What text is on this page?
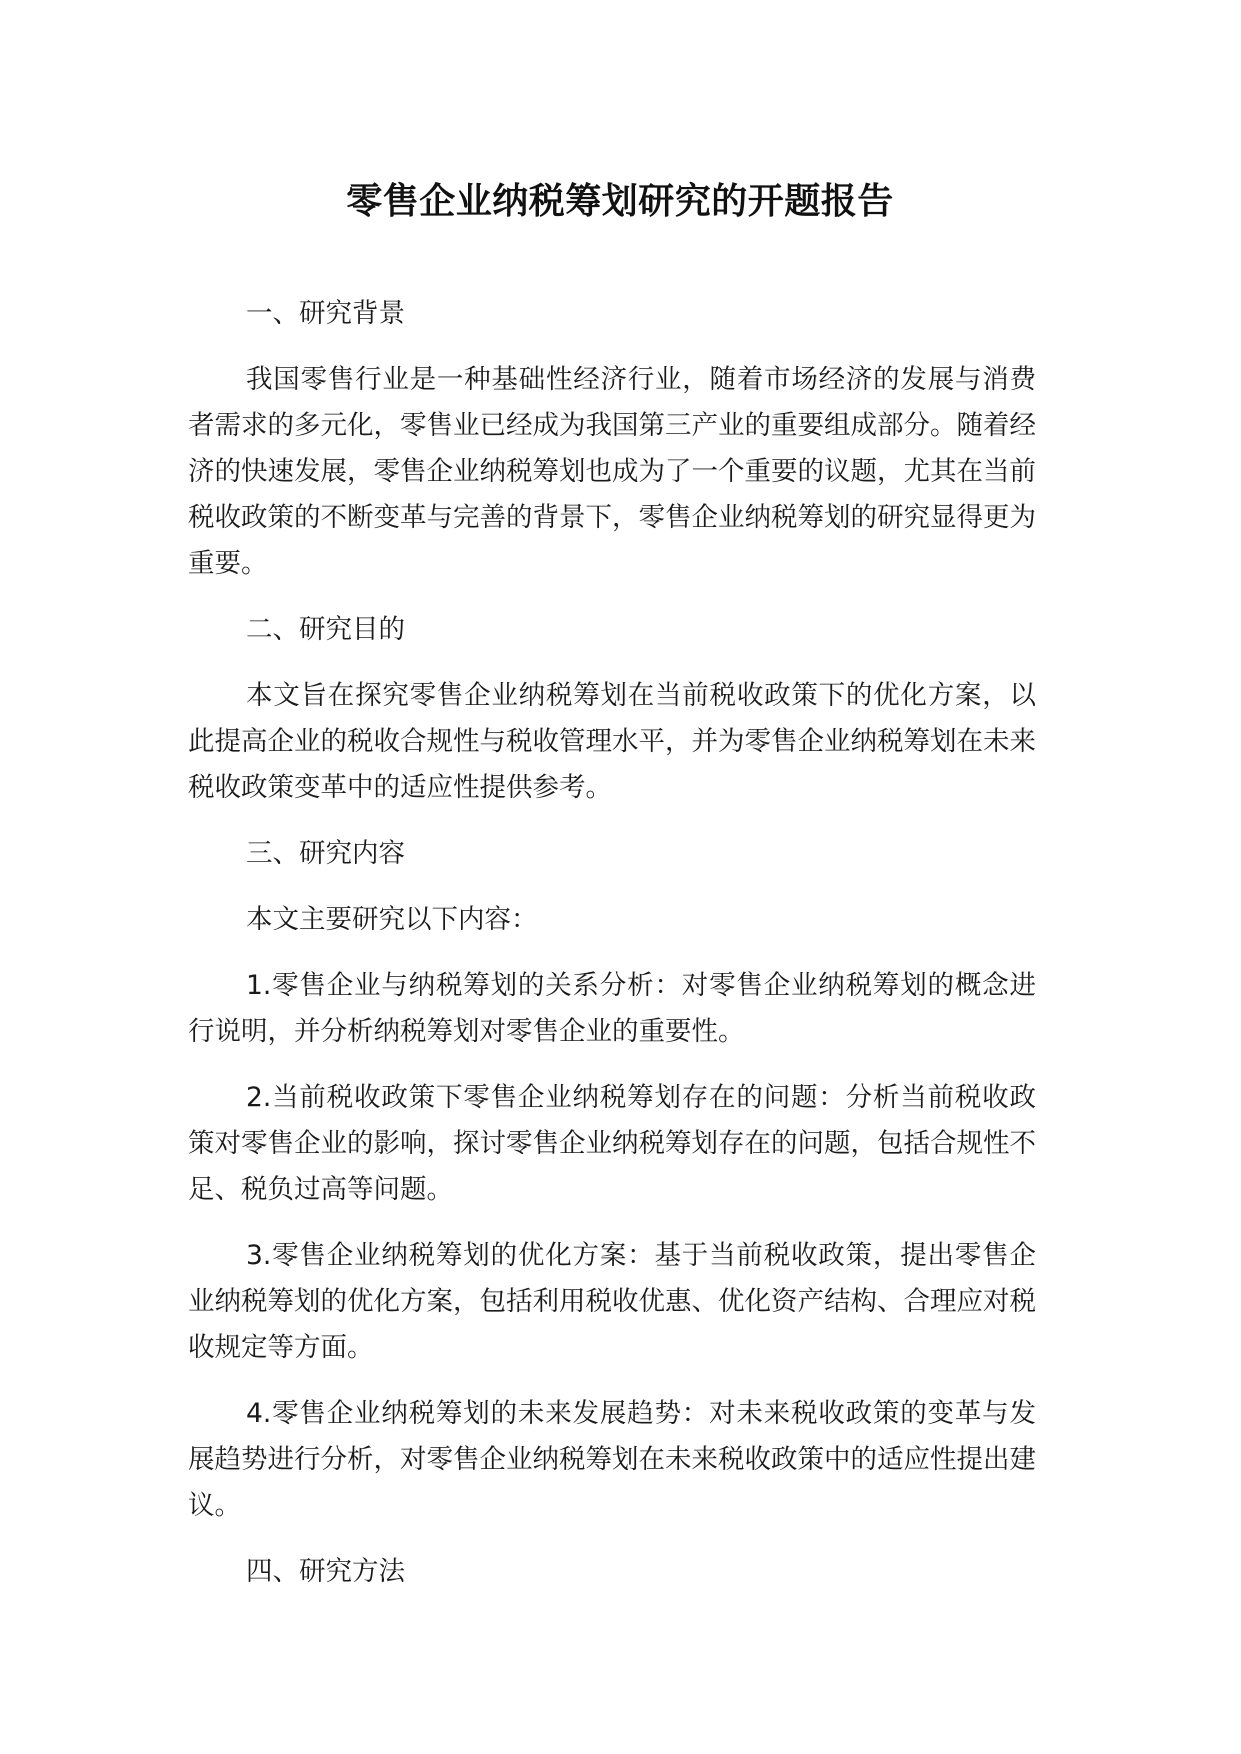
零售企业纳税筹划研究的开题报告

一、研究背景

我国零售行业是一种基础性经济行业，随着市场经济的发展与消费者需求的多元化，零售业已经成为我国第三产业的重要组成部分。随着经济的快速发展，零售企业纳税筹划也成为了一个重要的议题，尤其在当前税收政策的不断变革与完善的背景下，零售企业纳税筹划的研究显得更为重要。

二、研究目的

本文旨在探究零售企业纳税筹划在当前税收政策下的优化方案，以此提高企业的税收合规性与税收管理水平，并为零售企业纳税筹划在未来税收政策变革中的适应性提供参考。

三、研究内容

本文主要研究以下内容：

1.零售企业与纳税筹划的关系分析：对零售企业纳税筹划的概念进行说明，并分析纳税筹划对零售企业的重要性。

2.当前税收政策下零售企业纳税筹划存在的问题：分析当前税收政策对零售企业的影响，探讨零售企业纳税筹划存在的问题，包括合规性不足、税负过高等问题。

3.零售企业纳税筹划的优化方案：基于当前税收政策，提出零售企业纳税筹划的优化方案，包括利用税收优惠、优化资产结构、合理应对税收规定等方面。

4.零售企业纳税筹划的未来发展趋势：对未来税收政策的变革与发展趋势进行分析，对零售企业纳税筹划在未来税收政策中的适应性提出建议。

四、研究方法
